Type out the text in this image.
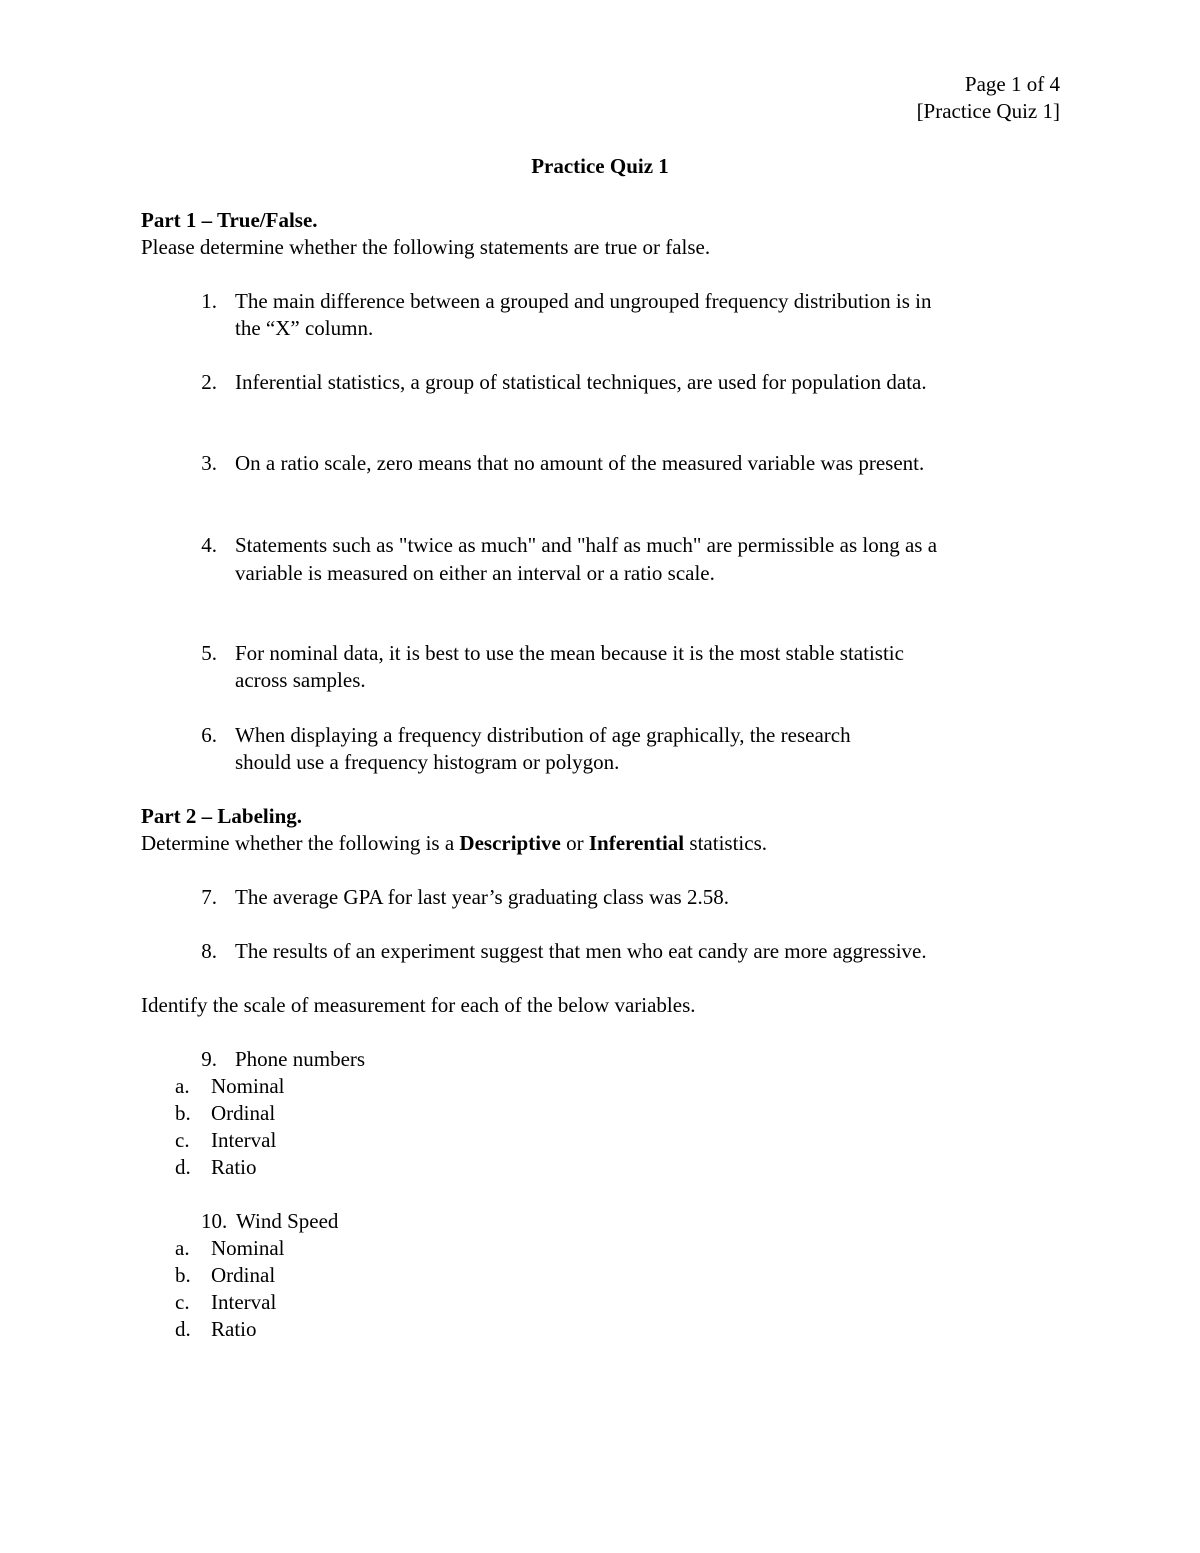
Page 1 of 4
[Practice Quiz 1]
Practice Quiz 1
Part 1 – True/False.
Please determine whether the following statements are true or false.
1. The main difference between a grouped and ungrouped frequency distribution is in
the “X” column.
2. Inferential statistics, a group of statistical techniques, are used for population data.
3. On a ratio scale, zero means that no amount of the measured variable was present.
4. Statements such as "twice as much" and "half as much" are permissible as long as a
variable is measured on either an interval or a ratio scale.
5. For nominal data, it is best to use the mean because it is the most stable statistic
across samples.
6. When displaying a frequency distribution of age graphically, the research
should use a frequency histogram or polygon.
Part 2 – Labeling.
Determine whether the following is a Descriptive or Inferential statistics.
7. The average GPA for last year’s graduating class was 2.58.
8. The results of an experiment suggest that men who eat candy are more aggressive.
Identify the scale of measurement for each of the below variables.
9. Phone numbers
a. Nominal
b. Ordinal
c. Interval
d. Ratio
10. Wind Speed
a. Nominal
b. Ordinal
c. Interval
d. Ratio
